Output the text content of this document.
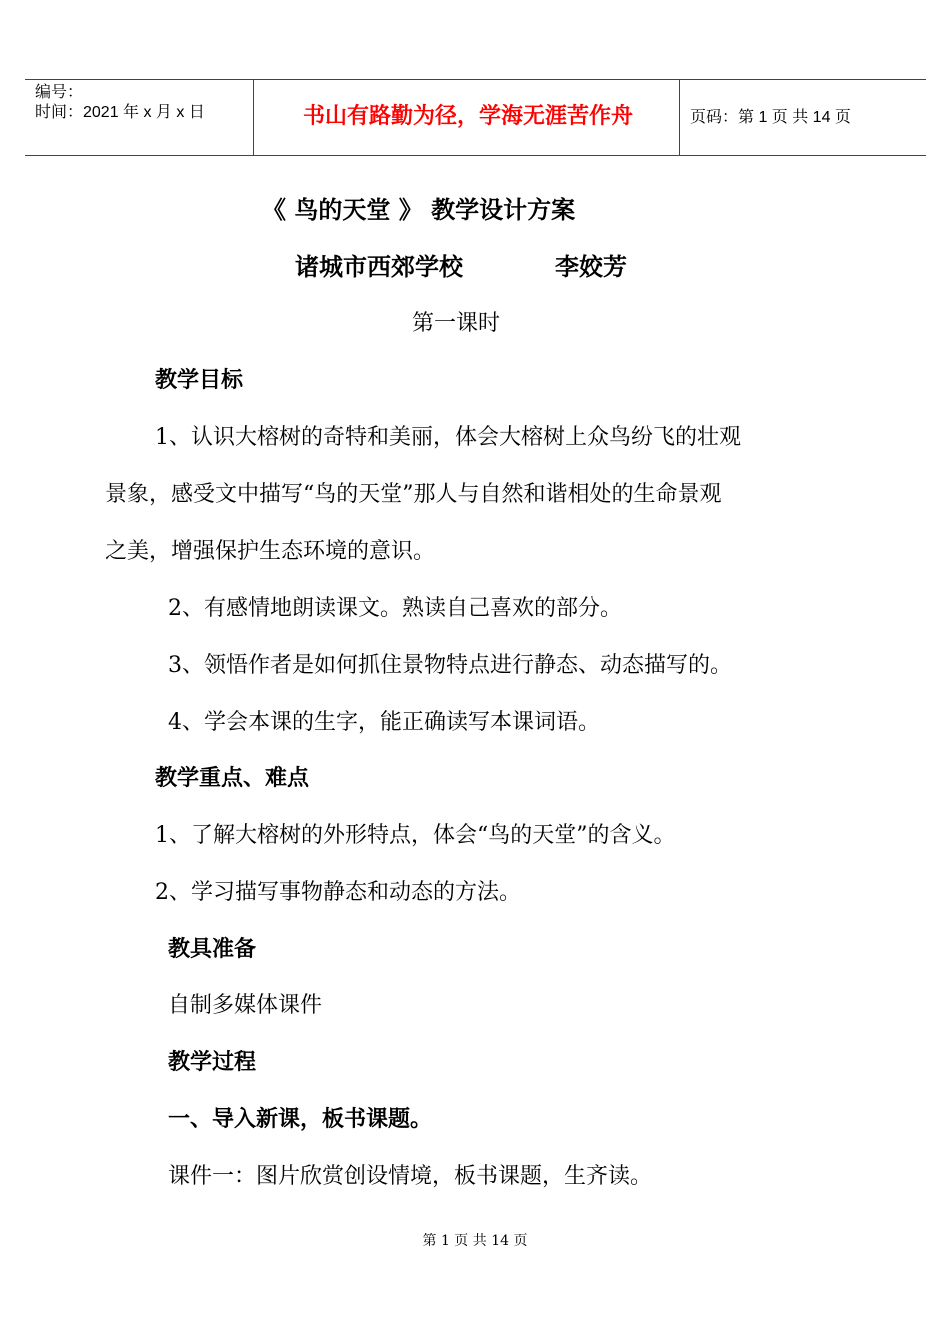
编号：
时间：2021 年 x 月 x 日	书山有路勤为径，学海无涯苦作舟	页码：第 1 页 共 14 页
《 鸟的天堂 》 教学设计方案
诸城市西郊学校	李姣芳
第一课时
教学目标
1、认识大榕树的奇特和美丽，体会大榕树上众鸟纷飞的壮观
景象，感受文中描写“鸟的天堂”那人与自然和谐相处的生命景观
之美，增强保护生态环境的意识。
2、有感情地朗读课文。熟读自己喜欢的部分。
3、领悟作者是如何抓住景物特点进行静态、动态描写的。
4、学会本课的生字，能正确读写本课词语。
教学重点、难点
1、了解大榕树的外形特点，体会“鸟的天堂”的含义。
2、学习描写事物静态和动态的方法。
教具准备
自制多媒体课件
教学过程
一、导入新课，板书课题。
课件一：图片欣赏创设情境，板书课题，生齐读。
第 1 页 共 14 页
